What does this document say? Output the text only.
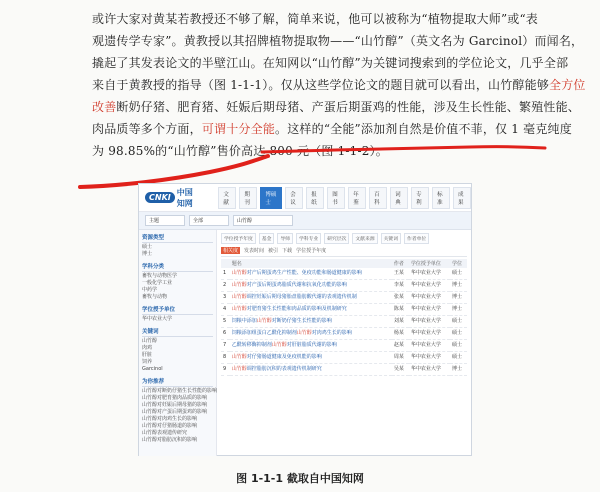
或许大家对黄某若教授还不够了解，简单来说，他可以被称为“植物提取大师”或“表
观遗传学专家”。黄教授以其招牌植物提取物——“山竹醇”（英文名为 Garcinol）而闻名，
撬起了其发表论文的半壁江山。在知网以“山竹醇”为关键词搜索到的学位论文，几乎全部
来自于黄教授的指导（图 1-1-1）。仅从这些学位论文的题目就可以看出，山竹醇能够全方位
改善断奶仔猪、肥育猪、妊娠后期母猪、产蛋后期蛋鸡的性能，涉及生长性能、繁殖性能、
肉品质等多个方面，可谓十分全能。这样的“全能”添加剂自然是价值不菲，仅 1 毫克纯度
为 98.85%的“山竹醇”售价高达 800 元（图 1-1-2）。
CNKI
中国知网
文献
期刊
博硕士
会议
报纸
图书
年鉴
百科
词典
专利
标准
成果
主题	全部	山竹醇
资源类型
硕士
博士
学科分类
畜牧与动物医学
一般化学工业
中药学
畜牧与动物
学位授予单位
华中农业大学
关键词
山竹醇
肉鸡
肝脏
饲养
Garcinol
为你推荐
山竹醇对断奶仔猪生长性能的影响
山竹醇对肥育猪肉品质的影响
山竹醇对妊娠后期母猪的影响
山竹醇对产蛋后期蛋鸡的影响
山竹醇对肉鸡生长的影响
山竹醇对仔猪肠道的影响
山竹醇表观遗传研究
山竹醇对脂肪沉积的影响
学位授予年度	基金	导师	学科专业	研究层次	文献来源	关键词	作者单位
相关度	发表时间 被引 下载 学位授予年度
	题名	作者	学位授予单位	学位
1	山竹醇对产后期蛋鸡生产性能、免疫功能和肠道健康的影响	王某	华中农业大学	硕士
2	山竹醇对产蛋后期蛋鸡脂质代谢和抗氧化功能的影响	李某	华中农业大学	博士
3	山竹醇调控妊娠后期母猪胎盘脂肪酸代谢的表观遗传机制	张某	华中农业大学	博士
4	山竹醇对肥育猪生长性能和肉品质的影响及机制研究	陈某	华中农业大学	博士
5	饲粮中添加山竹醇对断奶仔猪生长性能的影响	刘某	华中农业大学	硕士
6	饲粮添加组蛋白乙酰化抑制剂山竹醇对肉鸡生长的影响	杨某	华中农业大学	硕士
7	乙酰转移酶抑制剂山竹醇对肝脏脂质代谢的影响	赵某	华中农业大学	硕士
8	山竹醇对仔猪肠道健康及免疫机能的影响	周某	华中农业大学	硕士
9	山竹醇调控脂肪沉积的表观遗传机制研究	吴某	华中农业大学	博士
图 1-1-1 截取自中国知网
